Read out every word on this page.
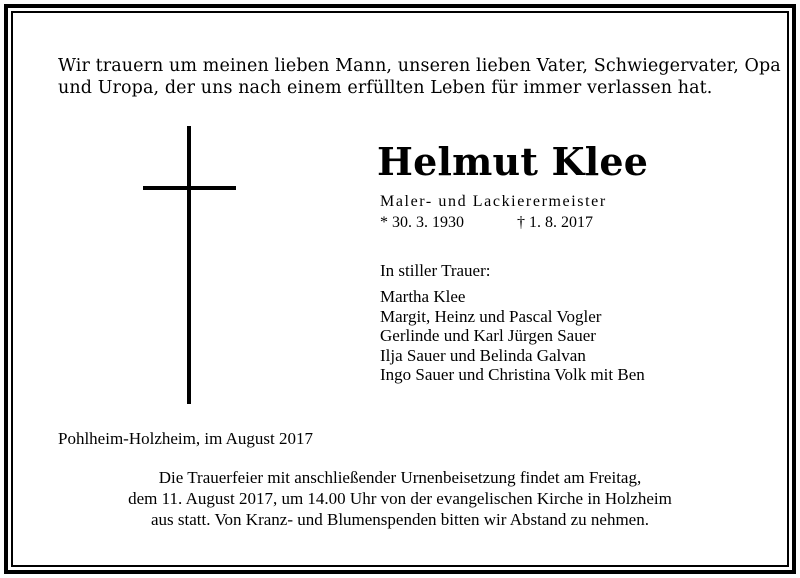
Wir trauern um meinen lieben Mann, unseren lieben Vater, Schwiegervater, Opa
und Uropa, der uns nach einem erfüllten Leben für immer verlassen hat.
Helmut Klee
Maler- und Lackierermeister
* 30. 3. 1930	† 1. 8. 2017
In stiller Trauer:
Martha Klee
Margit, Heinz und Pascal Vogler
Gerlinde und Karl Jürgen Sauer
Ilja Sauer und Belinda Galvan
Ingo Sauer und Christina Volk mit Ben
Pohlheim-Holzheim, im August 2017
Die Trauerfeier mit anschließender Urnenbeisetzung findet am Freitag,
dem 11. August 2017, um 14.00 Uhr von der evangelischen Kirche in Holzheim
aus statt. Von Kranz- und Blumenspenden bitten wir Abstand zu nehmen.
